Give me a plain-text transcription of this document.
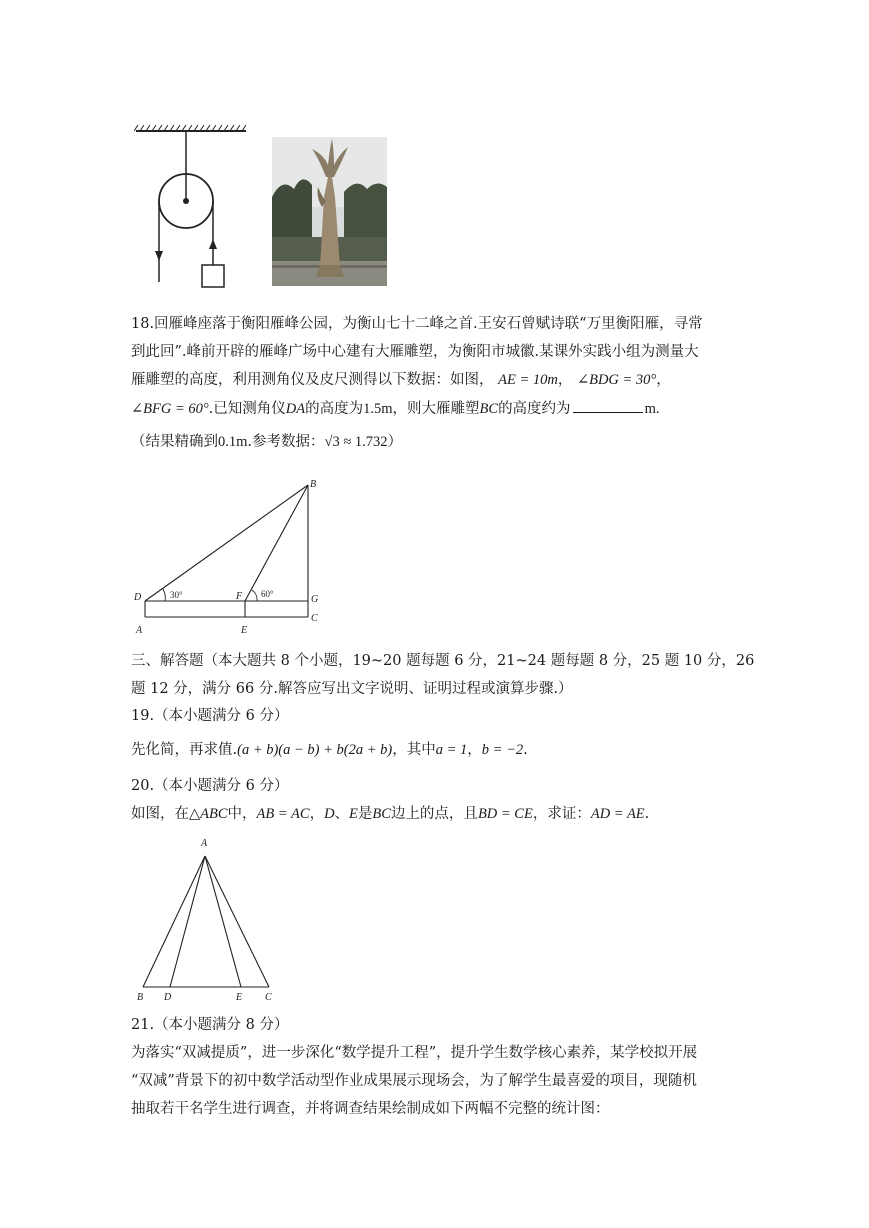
18.回雁峰座落于衡阳雁峰公园，为衡山七十二峰之首.王安石曾赋诗联“万里衡阳雁，寻常
到此回”.峰前开辟的雁峰广场中心建有大雁雕塑，为衡阳市城徽.某课外实践小组为测量大
雁雕塑的高度，利用测角仪及皮尺测得以下数据：如图， AE = 10m， ∠BDG = 30°，
∠BFG = 60°.已知测角仪DA的高度为1.5m，则大雁雕塑BC的高度约为	m.
（结果精确到0.1m.参考数据：√3 ≈ 1.732）
B
D
A
F
E
G
C
30°	60°
三、解答题（本大题共 8 个小题，19~20 题每题 6 分，21~24 题每题 8 分，25 题 10 分，26
题 12 分，满分 66 分.解答应写出文字说明、证明过程或演算步骤.）
19.（本小题满分 6 分）
先化简，再求值.(a + b)(a − b) + b(2a + b)，其中a = 1，b = −2.
20.（本小题满分 6 分）
如图，在△ABC中，AB = AC，D、E是BC边上的点，且BD = CE，求证：AD = AE.
A
B D	E C
21.（本小题满分 8 分）
为落实“双减提质”，进一步深化“数学提升工程”，提升学生数学核心素养，某学校拟开展
“双减”背景下的初中数学活动型作业成果展示现场会，为了解学生最喜爱的项目，现随机
抽取若干名学生进行调查，并将调查结果绘制成如下两幅不完整的统计图：
